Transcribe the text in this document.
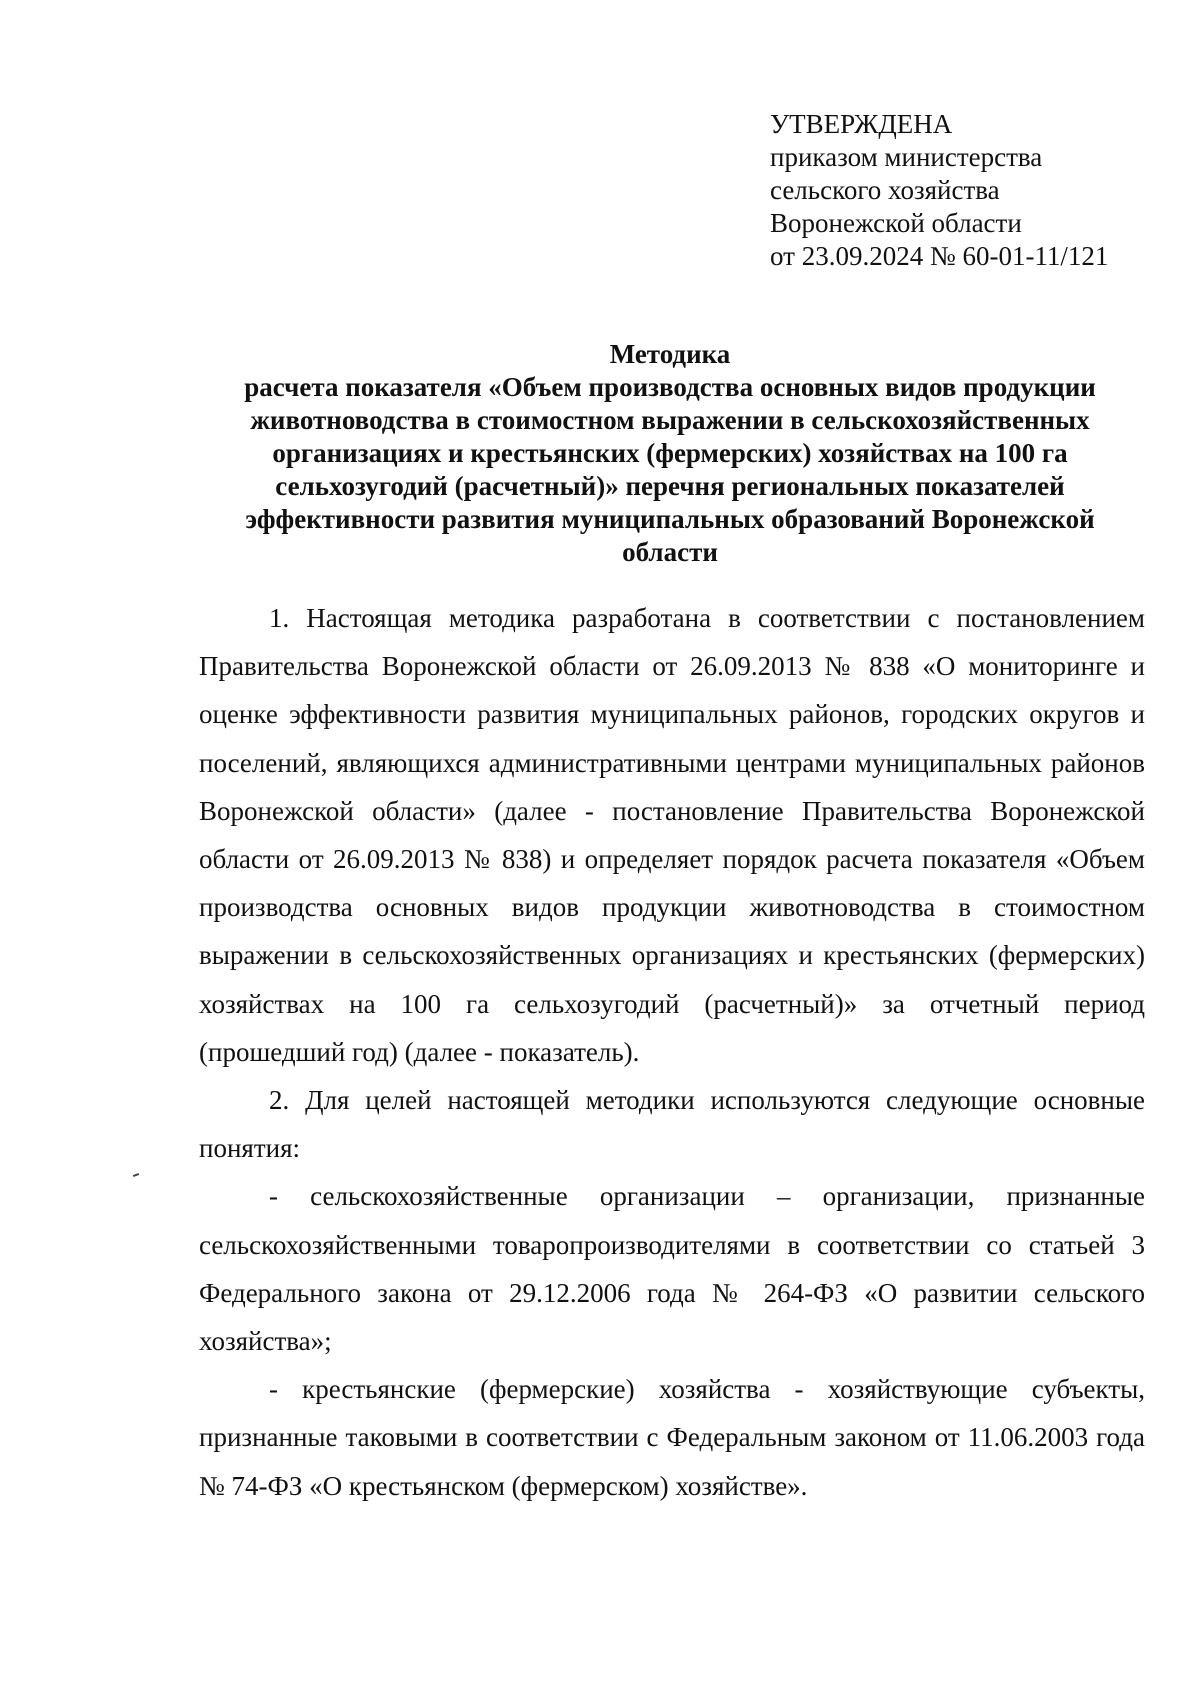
УТВЕРЖДЕНА
приказом министерства
сельского хозяйства
Воронежской области
от 23.09.2024 № 60-01-11/121
Методика
расчета показателя «Объем производства основных видов продукции
животноводства в стоимостном выражении в сельскохозяйственных
организациях и крестьянских (фермерских) хозяйствах на 100 га
сельхозугодий (расчетный)» перечня региональных показателей
эффективности развития муниципальных образований Воронежской
области

1. Настоящая методика разработана в соответствии с постановлением Правительства Воронежской области от 26.09.2013 № 838 «О мониторинге и оценке эффективности развития муниципальных районов, городских округов и поселений, являющихся административными центрами муниципальных районов Воронежской области» (далее - постановление Правительства Воронежской области от 26.09.2013 № 838) и определяет порядок расчета показателя «Объем производства основных видов продукции животноводства в стоимостном выражении в сельскохозяйственных организациях и крестьянских (фермерских) хозяйствах на 100 га сельхозугодий (расчетный)» за отчетный период (прошедший год) (далее - показатель).

2. Для целей настоящей методики используются следующие основные понятия:

- сельскохозяйственные организации – организации, признанные сельскохозяйственными товаропроизводителями в соответствии со статьей 3 Федерального закона от 29.12.2006 года № 264-ФЗ «О развитии сельского хозяйства»;

- крестьянские (фермерские) хозяйства - хозяйствующие субъекты, признанные таковыми в соответствии с Федеральным законом от 11.06.2003 года № 74-ФЗ «О крестьянском (фермерском) хозяйстве».
